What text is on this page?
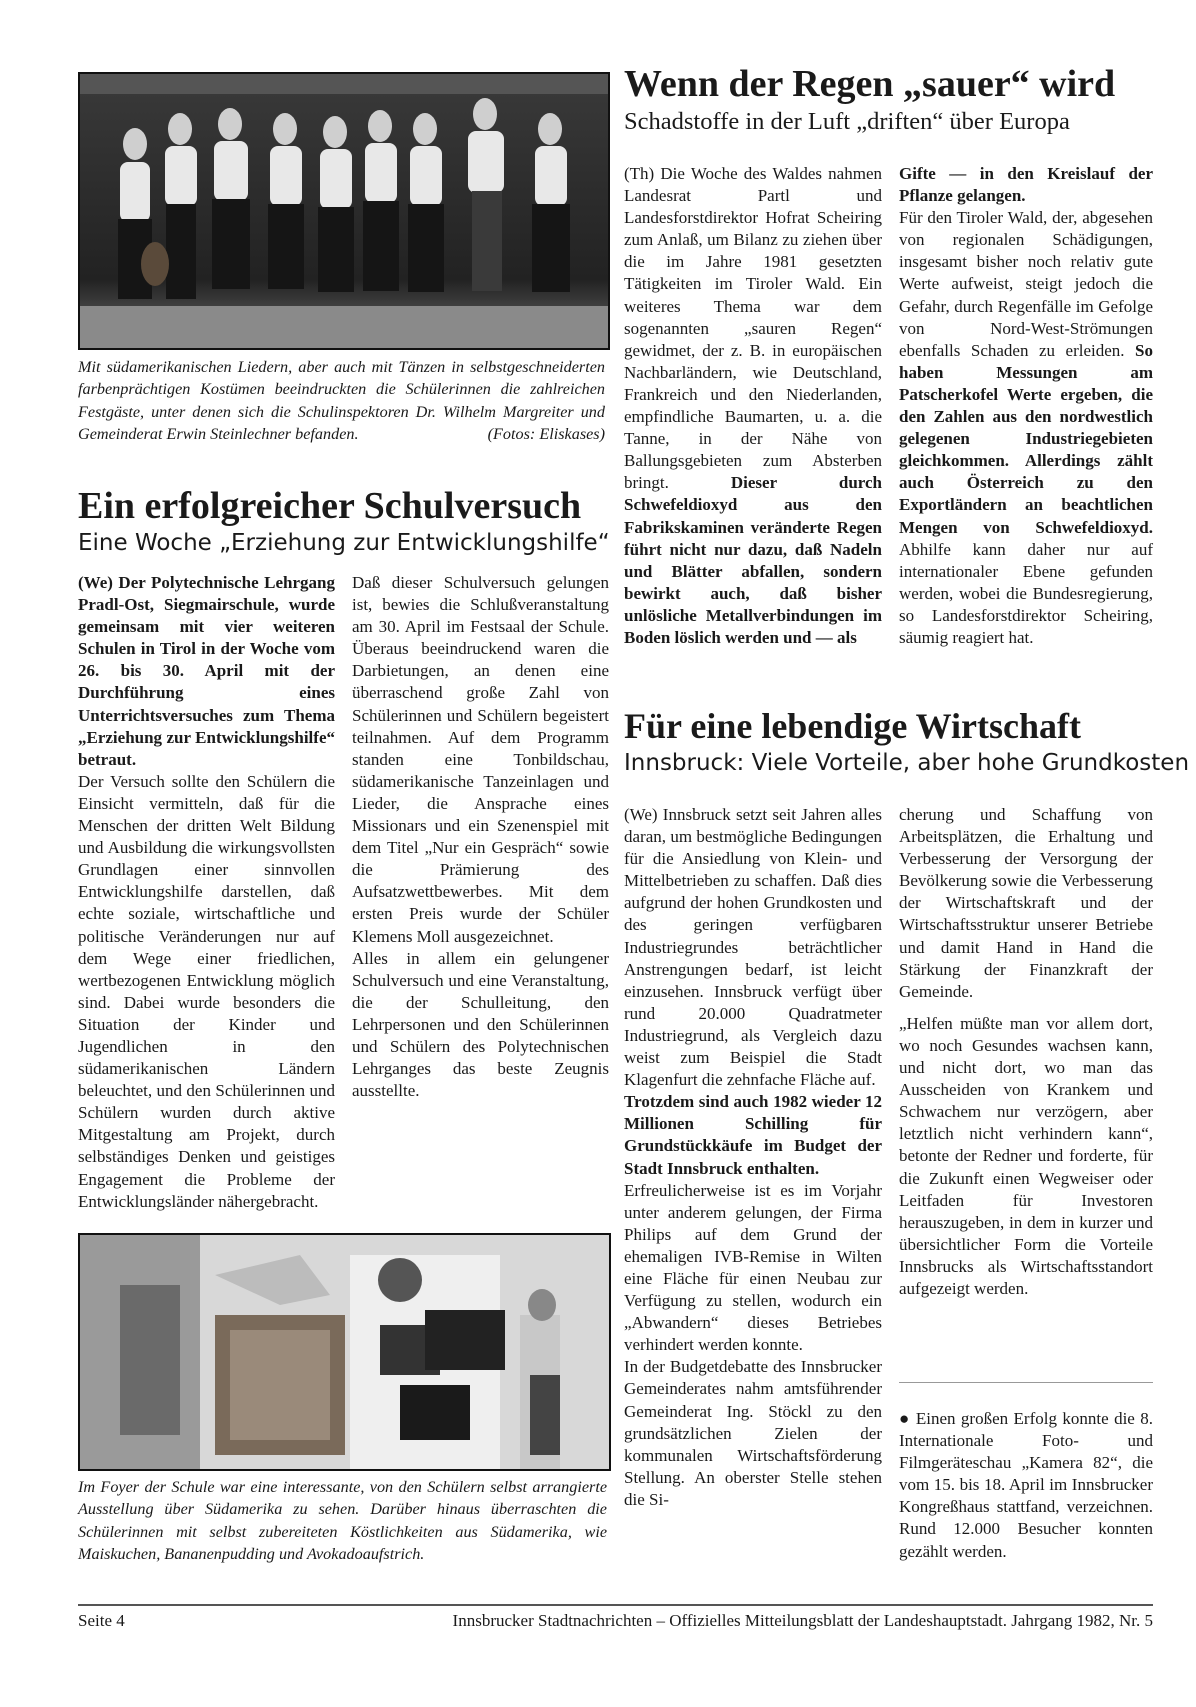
Mit südamerikanischen Liedern, aber auch mit Tänzen in selbstgeschneiderten farbenprächtigen Kostümen beeindruckten die Schülerinnen die zahlreichen Festgäste, unter denen sich die Schulinspektoren Dr. Wilhelm Margreiter und Gemeinderat Erwin Steinlechner befanden.	(Fotos: Eliskases)

Ein erfolgreicher Schulversuch
Eine Woche „Erziehung zur Entwicklungshilfe“

(We) Der Polytechnische Lehrgang Pradl-Ost, Siegmairschule, wurde gemeinsam mit vier weiteren Schulen in Tirol in der Woche vom 26. bis 30. April mit der Durchführung eines Unterrichtsversuches zum Thema „Erziehung zur Entwicklungshilfe“ betraut.

Der Versuch sollte den Schülern die Einsicht vermitteln, daß für die Menschen der dritten Welt Bildung und Ausbildung die wirkungsvollsten Grundlagen einer sinnvollen Entwicklungshilfe darstellen, daß echte soziale, wirtschaftliche und politische Veränderungen nur auf dem Wege einer friedlichen, wertbezogenen Entwicklung möglich sind. Dabei wurde besonders die Situation der Kinder und Jugendlichen in den südamerikanischen Ländern beleuchtet, und den Schülerinnen und Schülern wurden durch aktive Mitgestaltung am Projekt, durch selbständiges Denken und geistiges Engagement die Probleme der Entwicklungsländer nähergebracht.

Daß dieser Schulversuch gelungen ist, bewies die Schlußveranstaltung am 30. April im Festsaal der Schule. Überaus beeindruckend waren die Darbietungen, an denen eine überraschend große Zahl von Schülerinnen und Schülern begeistert teilnahmen. Auf dem Programm standen eine Tonbildschau, südamerikanische Tanzeinlagen und Lieder, die Ansprache eines Missionars und ein Szenenspiel mit dem Titel „Nur ein Gespräch“ sowie die Prämierung des Aufsatzwettbewerbes. Mit dem ersten Preis wurde der Schüler Klemens Moll ausgezeichnet.

Alles in allem ein gelungener Schulversuch und eine Veranstaltung, die der Schulleitung, den Lehrpersonen und den Schülerinnen und Schülern des Polytechnischen Lehrganges das beste Zeugnis ausstellte.

Im Foyer der Schule war eine interessante, von den Schülern selbst arrangierte Ausstellung über Südamerika zu sehen. Darüber hinaus überraschten die Schülerinnen mit selbst zubereiteten Köstlichkeiten aus Südamerika, wie Maiskuchen, Bananenpudding und Avokadoaufstrich.

Wenn der Regen „sauer“ wird
Schadstoffe in der Luft „driften“ über Europa

(Th) Die Woche des Waldes nahmen Landesrat Partl und Landesforstdirektor Hofrat Scheiring zum Anlaß, um Bilanz zu ziehen über die im Jahre 1981 gesetzten Tätigkeiten im Tiroler Wald. Ein weiteres Thema war dem sogenannten „sauren Regen“ gewidmet, der z. B. in europäischen Nachbarländern, wie Deutschland, Frankreich und den Niederlanden, empfindliche Baumarten, u. a. die Tanne, in der Nähe von Ballungsgebieten zum Absterben bringt.	Dieser durch Schwefeldioxyd aus den Fabrikskaminen veränderte Regen führt nicht nur dazu, daß Nadeln und Blätter abfallen, sondern bewirkt auch, daß bisher unlösliche Metallverbindungen im Boden löslich werden und — als

Gifte — in den Kreislauf der Pflanze gelangen.

Für den Tiroler Wald, der, abgesehen von regionalen Schädigungen, insgesamt bisher noch relativ gute Werte aufweist, steigt jedoch die Gefahr, durch Regenfälle im Gefolge von Nord-West-Strömungen ebenfalls Schaden zu erleiden. So haben Messungen am Patscherkofel Werte ergeben, die den Zahlen aus den nordwestlich gelegenen Industriegebieten gleichkommen. Allerdings zählt auch Österreich zu den Exportländern an beachtlichen Mengen von Schwefeldioxyd. Abhilfe kann daher nur auf internationaler Ebene gefunden werden, wobei die Bundesregierung, so Landesforstdirektor Scheiring, säumig reagiert hat.

Für eine lebendige Wirtschaft
Innsbruck: Viele Vorteile, aber hohe Grundkosten

(We) Innsbruck setzt seit Jahren alles daran, um bestmögliche Bedingungen für die Ansiedlung von Klein- und Mittelbetrieben zu schaffen. Daß dies aufgrund der hohen Grundkosten und des geringen verfügbaren Industriegrundes beträchtlicher Anstrengungen bedarf, ist leicht einzusehen. Innsbruck verfügt über rund 20.000 Quadratmeter Industriegrund, als Vergleich dazu weist zum Beispiel die Stadt Klagenfurt die zehnfache Fläche auf.

Trotzdem sind auch 1982 wieder 12 Millionen Schilling für Grundstückkäufe im Budget der Stadt Innsbruck enthalten.

Erfreulicherweise ist es im Vorjahr unter anderem gelungen, der Firma Philips auf dem Grund der ehemaligen IVB-Remise in Wilten eine Fläche für einen Neubau zur Verfügung zu stellen, wodurch ein „Abwandern“ dieses Betriebes verhindert werden konnte.

In der Budgetdebatte des Innsbrucker Gemeinderates nahm amtsführender Gemeinderat Ing. Stöckl zu den grundsätzlichen Zielen der kommunalen Wirtschaftsförderung Stellung. An oberster Stelle stehen die Si-

cherung und Schaffung von Arbeitsplätzen, die Erhaltung und Verbesserung der Versorgung der Bevölkerung sowie die Verbesserung der Wirtschaftskraft und der Wirtschaftsstruktur unserer Betriebe und damit Hand in Hand die Stärkung der Finanzkraft der Gemeinde.

„Helfen müßte man vor allem dort, wo noch Gesundes wachsen kann, und nicht dort, wo man das Ausscheiden von Krankem und Schwachem nur verzögern, aber letztlich nicht verhindern kann“, betonte der Redner und forderte, für die Zukunft einen Wegweiser oder Leitfaden für Investoren herauszugeben, in dem in kurzer und übersichtlicher Form die Vorteile Innsbrucks als Wirtschaftsstandort aufgezeigt werden.

● Einen großen Erfolg konnte die 8. Internationale Foto- und Filmgeräteschau „Kamera 82“, die vom 15. bis 18. April im Innsbrucker Kongreßhaus stattfand, verzeichnen. Rund 12.000 Besucher konnten gezählt werden.

Seite 4	Innsbrucker Stadtnachrichten – Offizielles Mitteilungsblatt der Landeshauptstadt. Jahrgang 1982, Nr. 5
